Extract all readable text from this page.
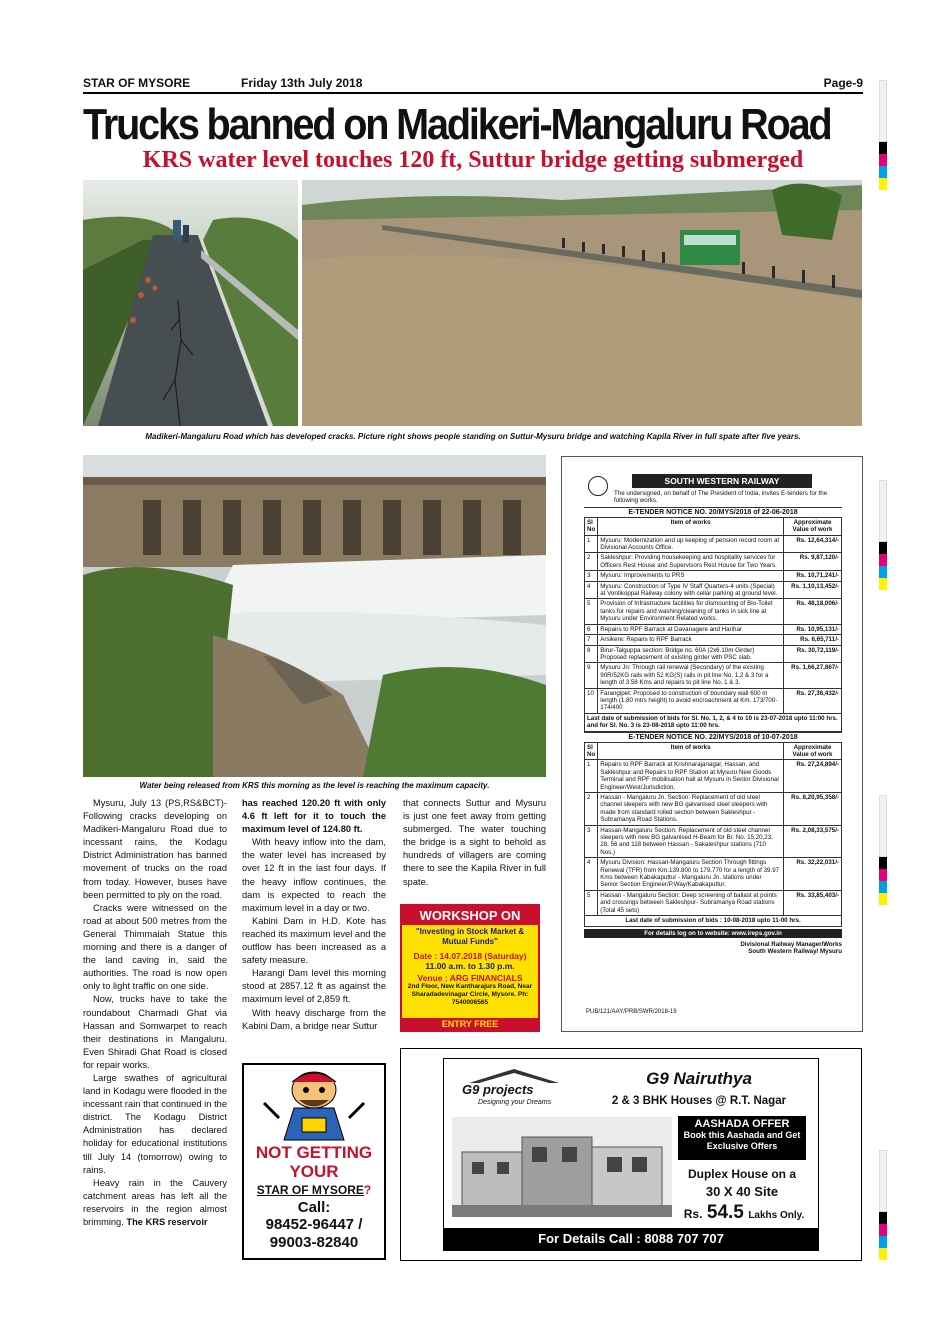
STAR OF MYSORE	Friday 13th July 2018	Page-9
Trucks banned on Madikeri-Mangaluru Road
KRS water level touches 120 ft, Suttur bridge getting submerged
Madikeri-Mangaluru Road which has developed cracks. Picture right shows people standing on Suttur-Mysuru bridge and watching Kapila River in full spate after five years.
Water being released from KRS this morning as the level is reaching the maximum capacity.

Mysuru, July 13 (PS,RS&BCT)- Following cracks developing on Madikeri-Mangaluru Road due to incessant rains, the Kodagu District Administration has banned movement of trucks on the road from today. However, buses have been permitted to ply on the road.

Cracks were witnessed on the road at about 500 metres from the General Thimmaiah Statue this morning and there is a danger of the land caving in, said the authorities. The road is now open only to light traffic on one side.

Now, trucks have to take the roundabout Charmadi Ghat via Hassan and Somwarpet to reach their destinations in Mangaluru. Even Shiradi Ghat Road is closed for repair works.

Large swathes of agricultural land in Kodagu were flooded in the incessant rain that continued in the district. The Kodagu District Administration has declared holiday for educational institutions till July 14 (tomorrow) owing to rains.

Heavy rain in the Cauvery catchment areas has left all the reservoirs in the region almost brimming. The KRS reservoir

has reached 120.20 ft with only 4.6 ft left for it to touch the maximum level of 124.80 ft.

With heavy inflow into the dam, the water level has increased by over 12 ft in the last four days. If the heavy inflow continues, the dam is expected to reach the maximum level in a day or two.

Kabini Dam in H.D. Kote has reached its maximum level and the outflow has been increased as a safety measure.

Harangi Dam level this morning stood at 2857.12 ft as against the maximum level of 2,859 ft.

With heavy discharge from the Kabini Dam, a bridge near Suttur

that connects Suttur and Mysuru is just one feet away from getting submerged. The water touching the bridge is a sight to behold as hundreds of villagers are coming there to see the Kapila River in full spate.

WORKSHOP ON
"Investing in Stock Market & Mutual Funds"
Date : 14.07.2018 (Saturday)
11.00 a.m. to 1.30 p.m.
Venue : ARG FINANCIALS
2nd Floor, New Kantharajurs Road, Near Sharadadevinagar Circle, Mysore. Ph: 7540006565
ENTRY FREE
NOT GETTING
YOUR
STAR OF MYSORE?
Call:
98452-96447 /
99003-82840
SOUTH WESTERN RAILWAY
The undersigned, on behalf of The President of India, invites E-tenders for the following works.
E-TENDER NOTICE NO. 20/MYS/2018 of 22-06-2018
Sl No	Item of works	Approximate Value of work
1	Mysuru: Modernization and up keeping of pension record room at Divisional Accounts Office.	Rs. 12,64,314/-
2	Sakleshpur: Providing housekeeping and hospitality services for Officers Rest House and Supervisors Rest House for Two Years.	Rs. 9,87,120/-
3	Mysuru: Improvements to PRS	Rs. 10,71,241/-
4	Mysuru: Construction of Type IV Staff Quarters-4 units (Special) at Vontikoppal Railway colony with cellar parking at ground level.	Rs. 1,10,13,452/-
5	Provision of Infrastructure facilities for dismounting of Bio-Toilet tanks for repairs and washing/cleaning of tanks in sick line at Mysuru under Environment Related works.	Rs. 48,18,006/-
6	Repairs to RPF Barrack at Davanagere and Harihar	Rs. 10,95,131/-
7	Arsikere: Repairs to RPF Barrack	Rs. 6,65,711/-
8	Birur-Talguppa section: Bridge no. 60A (2x6.10m Girder) Proposed replacement of existing girder with PSC slab.	Rs. 30,72,119/-
9	Mysuru Jn: Through rail renewal (Secondary) of the existing 90R/52KG rails with 52 KG(S) rails in pit line No. 1,2 & 3 for a length of 3.58 Kms and repairs to pit line No. 1 & 3.	Rs. 1,66,27,867/-
10	Farangipet: Proposed to construction of boundary wall 600 m length (1.80 mtrs height) to avoid encroachment at Km. 173/700-174/400	Rs. 27,36,432/-
Last date of submission of bids for Sl. No. 1, 2, & 4 to 10 is 23-07-2018 upto 11:00 hrs. and for Sl. No. 3 is 23-08-2018 upto 11:00 hrs.		
E-TENDER NOTICE NO. 22/MYS/2018 of 10-07-2018
Sl No	Item of works	Approximate Value of work
1	Repairs to RPF Barrack at Krishnarajanagar, Hassan, and Sakleshpur and Repairs to RPF Station at Mysuru New Goods Terminal and RPF mobilisation hall at Mysuru in Senior Divisional Engineer/West/Jurisdiction.	Rs. 27,24,894/-
2	Hassan - Mangaluru Jn. Section: Replacement of old steel channel sleepers with new BG galvanised steel sleepers with made from standard rolled section between Sakleshpur - Subramanya Road Stations.	Rs. 8,20,95,358/-
3	Hassan-Mangaluru Section: Replacement of old steel channel sleepers with new BG galvanised H-Beam for Br. No. 15,20,23, 28, 56 and 118 between Hassan - Sakaleshpur stations (710 Nos.)	Rs. 2,08,33,575/-
4	Mysuru Division: Hassan-Mangaluru Section Through fittings Renewal (TFR) from Km.139.800 to 179.770 for a length of 39.97 Kms between Kabakaputtur - Mangaluru Jn. stations under Senior Section Engineer/P.Way/Kabakaputtur.	Rs. 32,22,031/-
5	Hassan - Mangaluru Section: Deep screening of ballast at points and crossings between Sakleshpur- Subramanya Road stations (Total 45 sets)	Rs. 33,85,403/-
Last date of submission of bids : 10-08-2018 upto 11-00 hrs.		
For details log on to website: www.ireps.gov.in
Divisional Railway Manager/Works
South Western Railway/ Mysuru
PUB/121/AAY/PRB/SWR/2018-19
G9 projects
Designing your Dreams
G9 Nairuthya
2 & 3 BHK Houses @ R.T. Nagar
AASHADA OFFER
Book this Aashada and Get Exclusive Offers
Duplex House on a
30 X 40 Site
Rs. 54.5 Lakhs Only.
For Details Call : 8088 707 707
